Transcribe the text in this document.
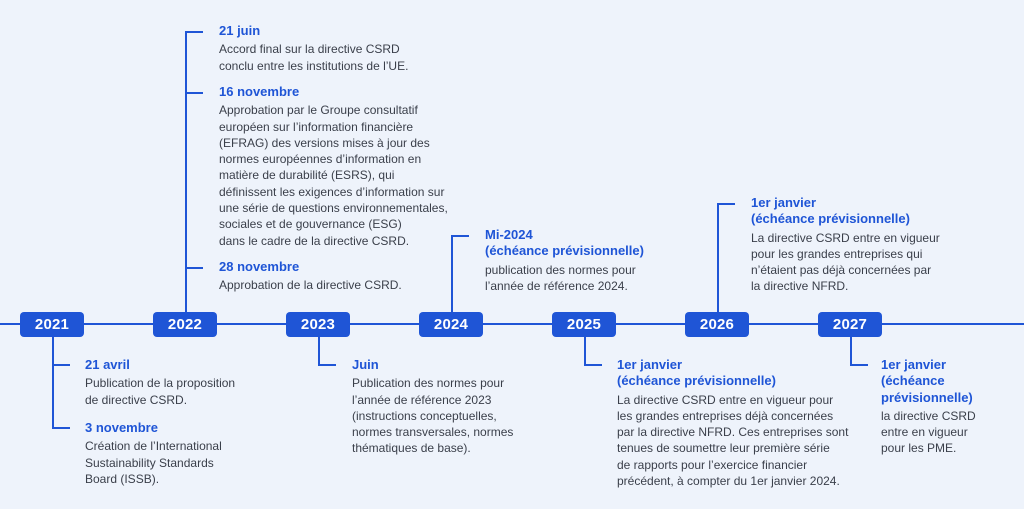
2021	2022	2023	2024	2025	2026	2027
21 juin
Accord final sur la directive CSRD
conclu entre les institutions de l’UE.
16 novembre
Approbation par le Groupe consultatif
européen sur l’information financière
(EFRAG) des versions mises à jour des
normes européennes d’information en
matière de durabilité (ESRS), qui
définissent les exigences d’information sur
une série de questions environnementales,
sociales et de gouvernance (ESG)
dans le cadre de la directive CSRD.
28 novembre
Approbation de la directive CSRD.
Mi-2024
(échéance prévisionnelle)
publication des normes pour
l’année de référence 2024.
1er janvier
(échéance prévisionnelle)
La directive CSRD entre en vigueur
pour les grandes entreprises qui
n’étaient pas déjà concernées par
la directive NFRD.
21 avril
Publication de la proposition
de directive CSRD.
3 novembre
Création de l’International
Sustainability Standards
Board (ISSB).
Juin
Publication des normes pour
l’année de référence 2023
(instructions conceptuelles,
normes transversales, normes
thématiques de base).
1er janvier
(échéance prévisionnelle)
La directive CSRD entre en vigueur pour
les grandes entreprises déjà concernées
par la directive NFRD. Ces entreprises sont
tenues de soumettre leur première série
de rapports pour l’exercice financier
précédent, à compter du 1er janvier 2024.
1er janvier
(échéance
prévisionnelle)
la directive CSRD
entre en vigueur
pour les PME.
